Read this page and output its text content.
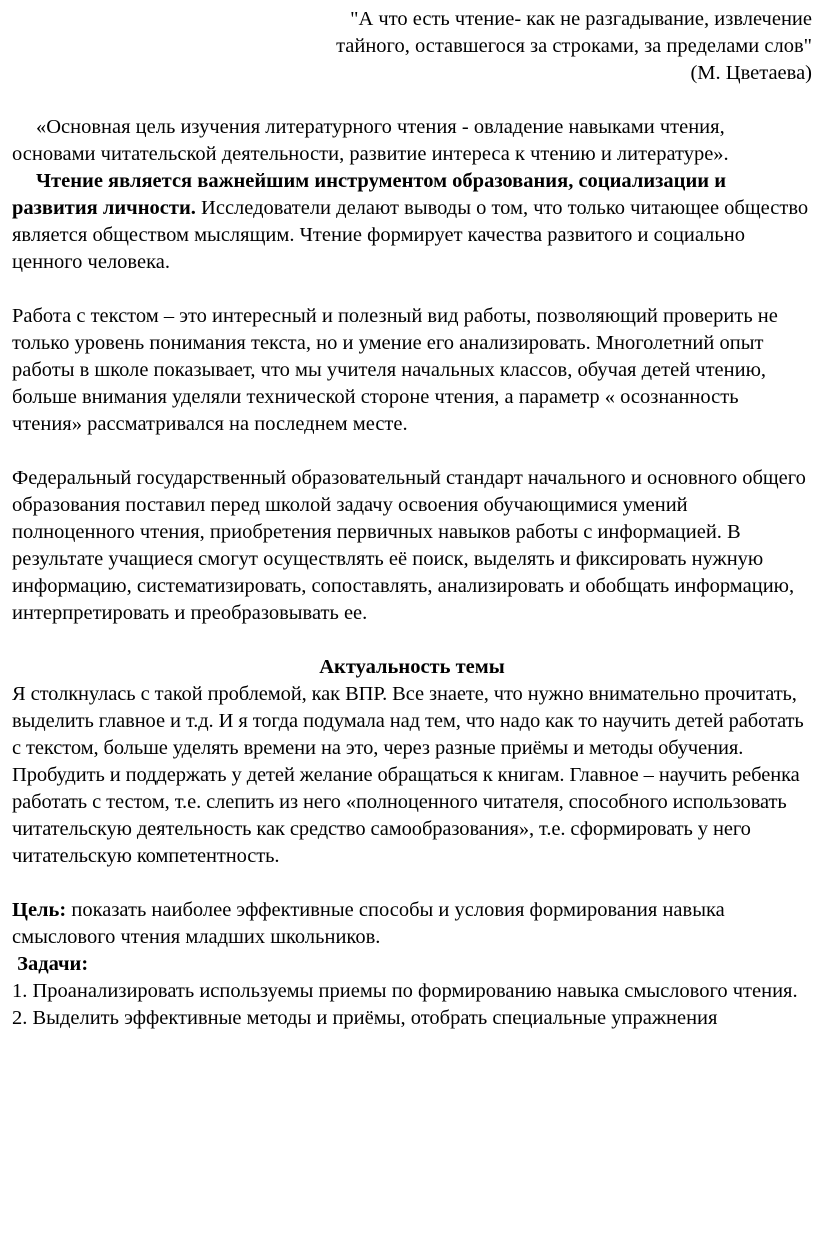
"А что есть чтение- как не разгадывание, извлечение
тайного, оставшегося за строками, за пределами слов"
(М. Цветаева)

«Основная цель изучения литературного чтения - овладение навыками чтения, основами читательской деятельности, развитие интереса к чтению и литературе».

Чтение является важнейшим инструментом образования, социализации и развития личности. Исследователи делают выводы о том, что только читающее общество является обществом мыслящим. Чтение формирует качества развитого и социально ценного человека.

Работа с текстом – это интересный и полезный вид работы, позволяющий проверить не только уровень понимания текста, но и умение его анализировать. Многолетний опыт работы в школе показывает, что мы учителя начальных классов, обучая детей чтению, больше внимания уделяли технической стороне чтения, а параметр « осознанность чтения» рассматривался на последнем месте.

Федеральный государственный образовательный стандарт начального и основного общего образования поставил перед школой задачу освоения обучающимися умений полноценного чтения, приобретения первичных навыков работы с информацией. В результате учащиеся смогут осуществлять её поиск, выделять и фиксировать нужную информацию, систематизировать, сопоставлять, анализировать и обобщать информацию, интерпретировать и преобразовывать ее.

Актуальность темы

Я столкнулась с такой проблемой, как ВПР. Все знаете, что нужно внимательно прочитать, выделить главное и т.д. И я тогда подумала над тем, что надо как то научить детей работать с текстом, больше уделять времени на это, через разные приёмы и методы обучения. Пробудить и поддержать у детей желание обращаться к книгам. Главное – научить ребенка работать с тестом, т.е. слепить из него «полноценного читателя, способного использовать читательскую деятельность как средство самообразования», т.е. сформировать у него читательскую компетентность.

Цель: показать наиболее эффективные способы и условия формирования навыка смыслового чтения младших школьников.

Задачи:

1. Проанализировать используемы приемы по формированию навыка смыслового чтения.

2. Выделить эффективные методы и приёмы, отобрать специальные упражнения
